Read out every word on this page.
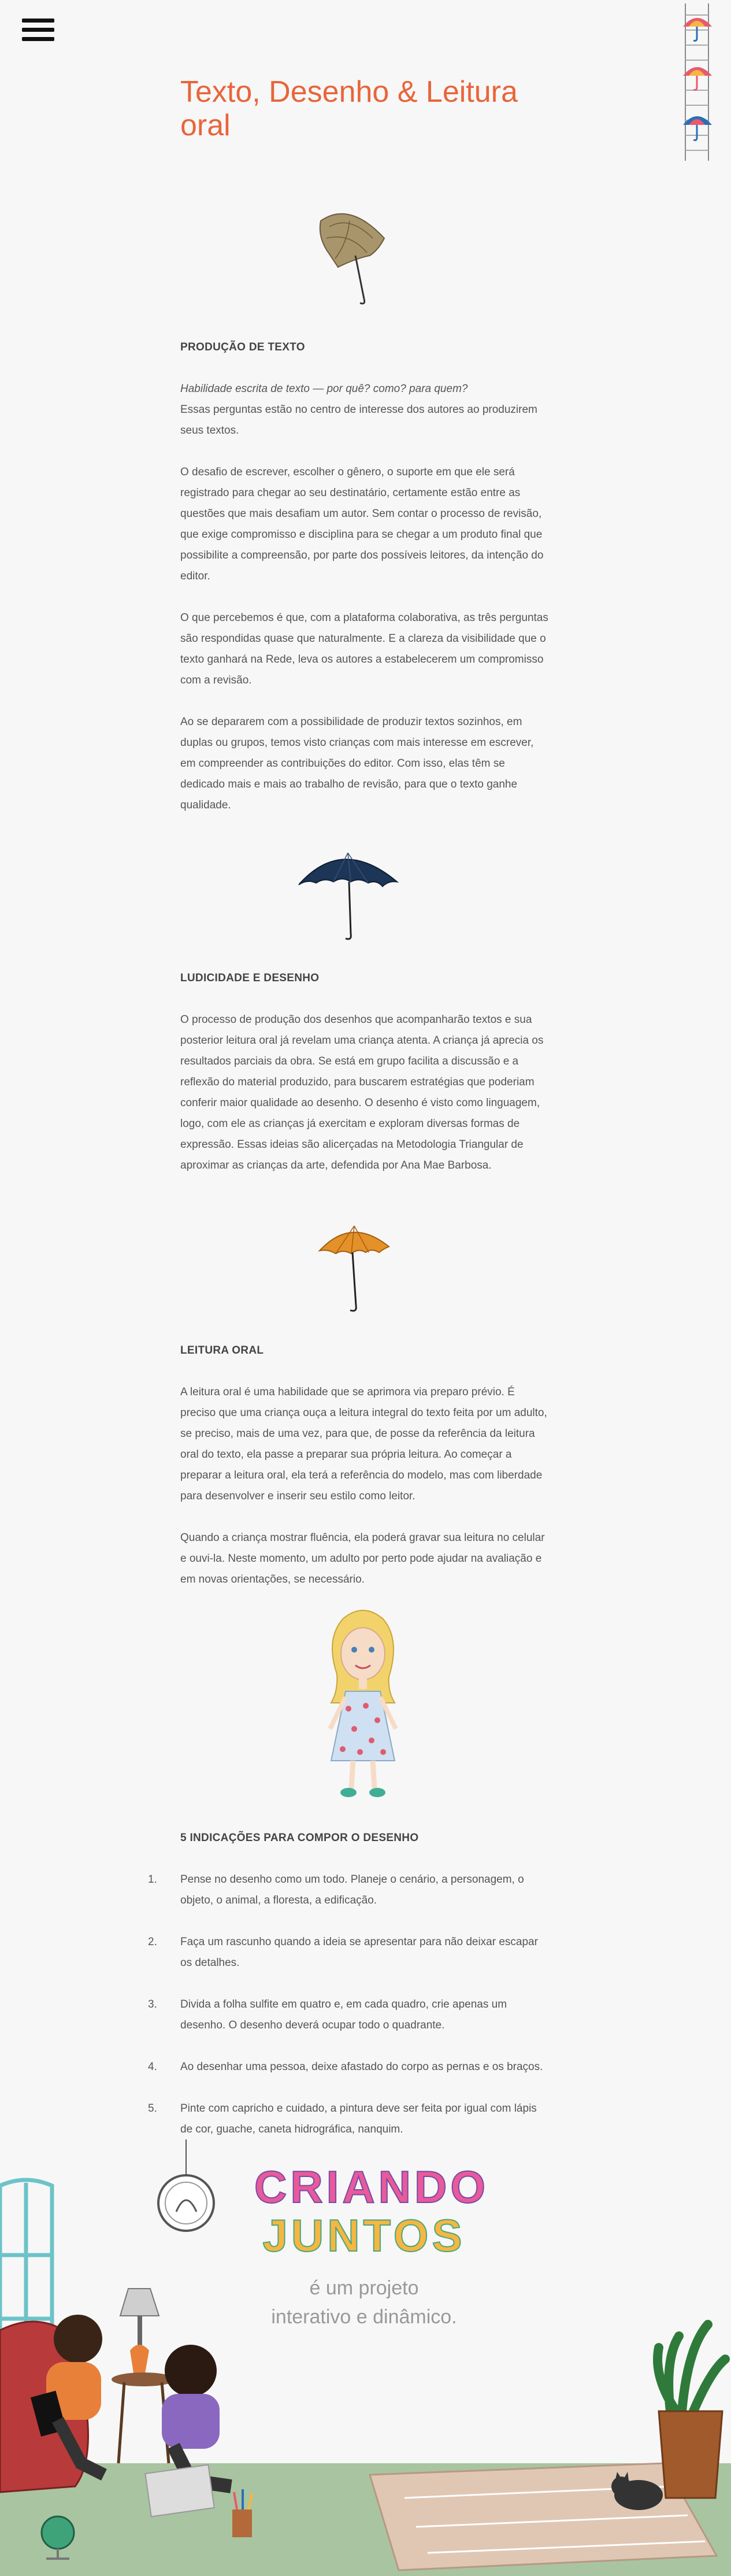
Texto, Desenho & Leitura oral

PRODUÇÃO DE TEXTO

Habilidade escrita de texto — por quê? como? para quem?
Essas perguntas estão no centro de interesse dos autores ao produzirem seus textos.

O desafio de escrever, escolher o gênero, o suporte em que ele será registrado para chegar ao seu destinatário, certamente estão entre as questões que mais desafiam um autor. Sem contar o processo de revisão, que exige compromisso e disciplina para se chegar a um produto final que possibilite a compreensão, por parte dos possíveis leitores, da intenção do editor.

O que percebemos é que, com a plataforma colaborativa, as três perguntas são respondidas quase que naturalmente. E a clareza da visibilidade que o texto ganhará na Rede, leva os autores a estabelecerem um compromisso com a revisão.

Ao se depararem com a possibilidade de produzir textos sozinhos, em duplas ou grupos, temos visto crianças com mais interesse em escrever, em compreender as contribuições do editor. Com isso, elas têm se dedicado mais e mais ao trabalho de revisão, para que o texto ganhe qualidade.

LUDICIDADE E DESENHO

O processo de produção dos desenhos que acompanharão textos e sua posterior leitura oral já revelam uma criança atenta. A criança já aprecia os resultados parciais da obra. Se está em grupo facilita a discussão e a reflexão do material produzido, para buscarem estratégias que poderiam conferir maior qualidade ao desenho. O desenho é visto como linguagem, logo, com ele as crianças já exercitam e exploram diversas formas de expressão. Essas ideias são alicerçadas na Metodologia Triangular de aproximar as crianças da arte, defendida por Ana Mae Barbosa.

LEITURA ORAL

A leitura oral é uma habilidade que se aprimora via preparo prévio. É preciso que uma criança ouça a leitura integral do texto feita por um adulto, se preciso, mais de uma vez, para que, de posse da referência da leitura oral do texto, ela passe a preparar sua própria leitura. Ao começar a preparar a leitura oral, ela terá a referência do modelo, mas com liberdade para desenvolver e inserir seu estilo como leitor.

Quando a criança mostrar fluência, ela poderá gravar sua leitura no celular e ouvi-la. Neste momento, um adulto por perto pode ajudar na avaliação e em novas orientações, se necessário.

5 INDICAÇÕES PARA COMPOR O DESENHO

1. Pense no desenho como um todo. Planeje o cenário, a personagem, o objeto, o animal, a floresta, a edificação.
2. Faça um rascunho quando a ideia se apresentar para não deixar escapar os detalhes.
3. Divida a folha sulfite em quatro e, em cada quadro, crie apenas um desenho. O desenho deverá ocupar todo o quadrante.
4. Ao desenhar uma pessoa, deixe afastado do corpo as pernas e os braços.
5. Pinte com capricho e cuidado, a pintura deve ser feita por igual com lápis de cor, guache, caneta hidrográfica, nanquim.
CRIANDO
JUNTOS
é um projeto
interativo e dinâmico.
